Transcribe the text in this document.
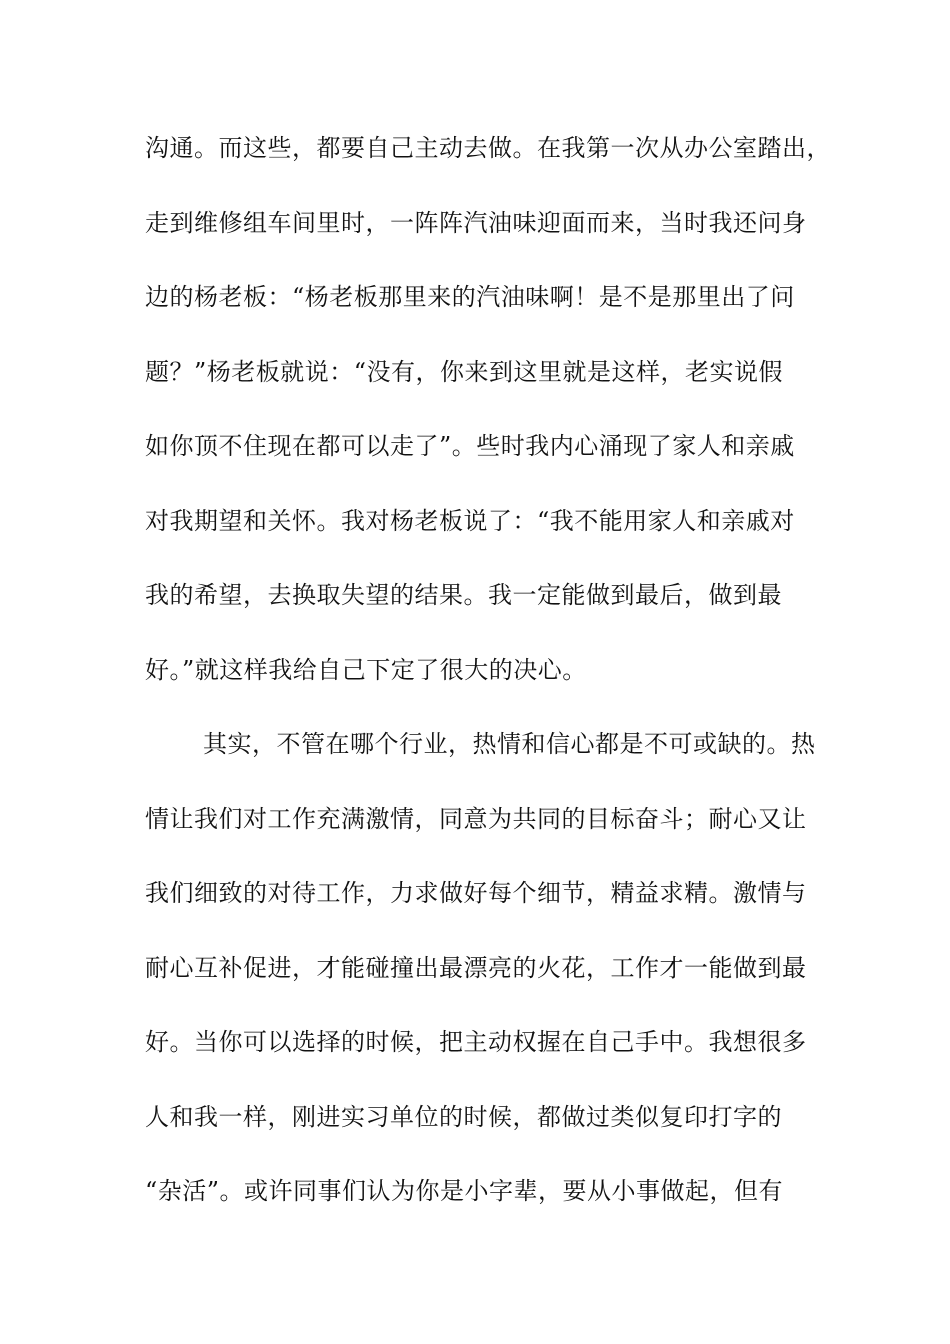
沟通。而这些，都要自己主动去做。在我第一次从办公室踏出，
走到维修组车间里时，一阵阵汽油味迎面而来，当时我还问身
边的杨老板：“杨老板那里来的汽油味啊！是不是那里出了问
题？”杨老板就说：“没有，你来到这里就是这样，老实说假
如你顶不住现在都可以走了”。些时我内心涌现了家人和亲戚
对我期望和关怀。我对杨老板说了：“我不能用家人和亲戚对
我的希望，去换取失望的结果。我一定能做到最后，做到最
好。”就这样我给自己下定了很大的决心。
其实，不管在哪个行业，热情和信心都是不可或缺的。热
情让我们对工作充满激情，同意为共同的目标奋斗；耐心又让
我们细致的对待工作，力求做好每个细节，精益求精。激情与
耐心互补促进，才能碰撞出最漂亮的火花，工作才一能做到最
好。当你可以选择的时候，把主动权握在自己手中。我想很多
人和我一样，刚进实习单位的时候，都做过类似复印打字的
“杂活”。或许同事们认为你是小字辈，要从小事做起，但有
